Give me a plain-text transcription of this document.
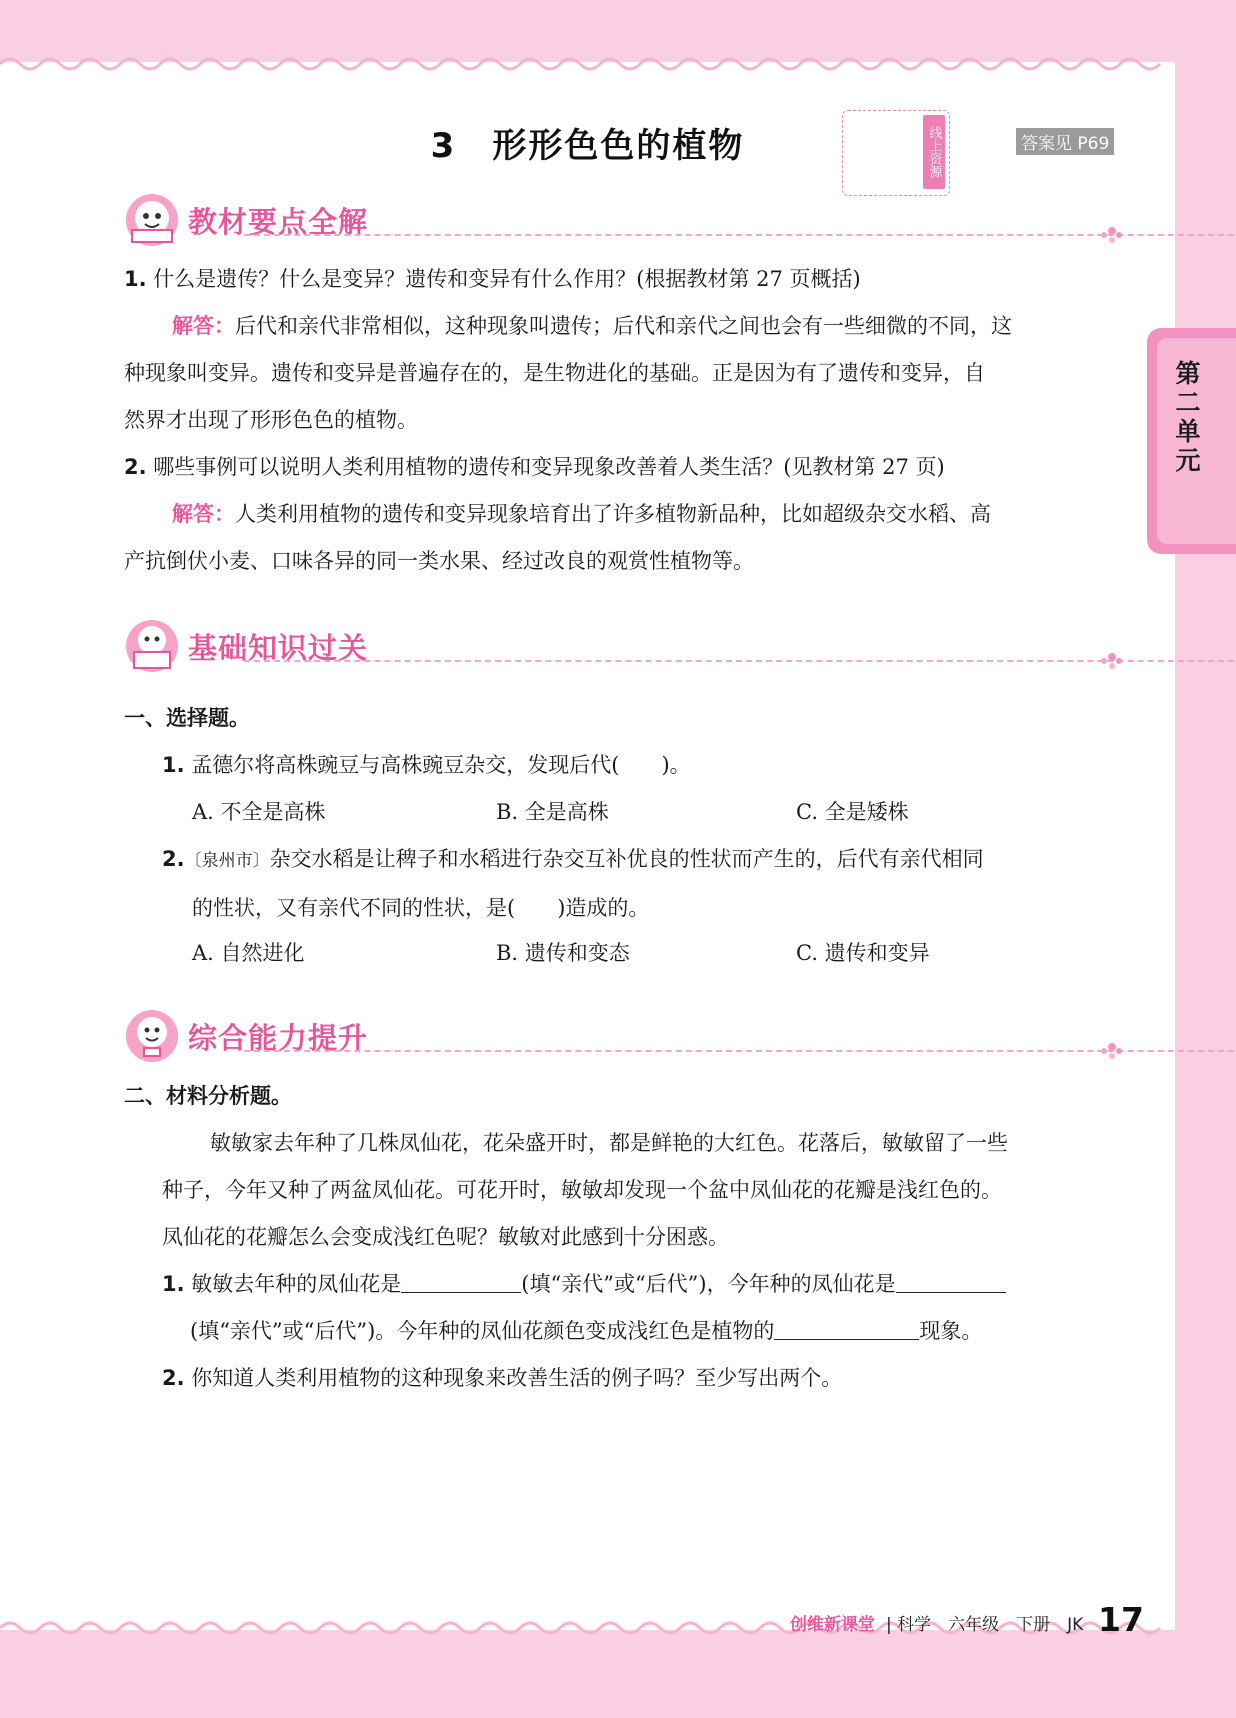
3　形形色色的植物	线上资源	答案见 P69
第二单元
教材要点全解
1. 什么是遗传？什么是变异？遗传和变异有什么作用？(根据教材第 27 页概括)
解答：后代和亲代非常相似，这种现象叫遗传；后代和亲代之间也会有一些细微的不同，这
种现象叫变异。遗传和变异是普遍存在的，是生物进化的基础。正是因为有了遗传和变异，自
然界才出现了形形色色的植物。
2. 哪些事例可以说明人类利用植物的遗传和变异现象改善着人类生活？(见教材第 27 页)
解答：人类利用植物的遗传和变异现象培育出了许多植物新品种，比如超级杂交水稻、高
产抗倒伏小麦、口味各异的同一类水果、经过改良的观赏性植物等。
基础知识过关
一、选择题。
1. 孟德尔将高株豌豆与高株豌豆杂交，发现后代(　　)。
A. 不全是高株	B. 全是高株	C. 全是矮株
2.〔泉州市〕杂交水稻是让稗子和水稻进行杂交互补优良的性状而产生的，后代有亲代相同
的性状，又有亲代不同的性状，是(　　)造成的。
A. 自然进化	B. 遗传和变态	C. 遗传和变异
综合能力提升
二、材料分析题。
敏敏家去年种了几株凤仙花，花朵盛开时，都是鲜艳的大红色。花落后，敏敏留了一些
种子，今年又种了两盆凤仙花。可花开时，敏敏却发现一个盆中凤仙花的花瓣是浅红色的。
凤仙花的花瓣怎么会变成浅红色呢？敏敏对此感到十分困惑。
1. 敏敏去年种的凤仙花是	(填“亲代”或“后代”)，今年种的凤仙花是
(填“亲代”或“后代”)。今年种的凤仙花颜色变成浅红色是植物的	现象。
2. 你知道人类利用植物的这种现象来改善生活的例子吗？至少写出两个。
创维新课堂 | 科学　六年级　下册　JK 17
